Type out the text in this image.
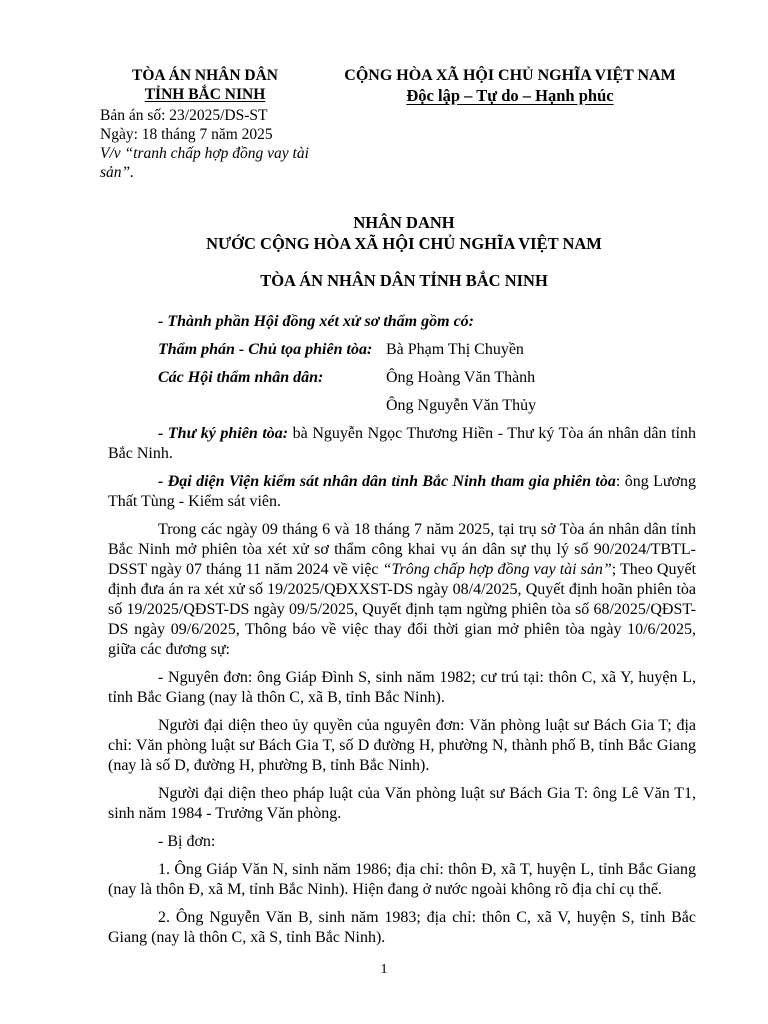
TÒA ÁN NHÂN DÂN
TỈNH BẮC NINH
Bản án số: 23/2025/DS-ST
Ngày: 18 tháng 7 năm 2025
V/v “tranh chấp hợp đồng vay tài sản”.
CỘNG HÒA XÃ HỘI CHỦ NGHĨA VIỆT NAM
Độc lập – Tự do – Hạnh phúc
NHÂN DANH
NƯỚC CỘNG HÒA XÃ HỘI CHỦ NGHĨA VIỆT NAM
TÒA ÁN NHÂN DÂN TỈNH BẮC NINH

- Thành phần Hội đồng xét xử sơ thẩm gồm có:

Thẩm phán - Chủ tọa phiên tòa: Bà Phạm Thị Chuyền
Các Hội thẩm nhân dân:	Ông Hoàng Văn Thành
Ông Nguyễn Văn Thủy

- Thư ký phiên tòa: bà Nguyễn Ngọc Thương Hiền - Thư ký Tòa án nhân dân tỉnh Bắc Ninh.

- Đại diện Viện kiểm sát nhân dân tỉnh Bắc Ninh tham gia phiên tòa: ông Lương Thất Tùng - Kiểm sát viên.

Trong các ngày 09 tháng 6 và 18 tháng 7 năm 2025, tại trụ sở Tòa án nhân dân tỉnh Bắc Ninh mở phiên tòa xét xử sơ thẩm công khai vụ án dân sự thụ lý số 90/2024/TBTL-DSST ngày 07 tháng 11 năm 2024 về việc “Trông chấp hợp đồng vay tài sản”; Theo Quyết định đưa án ra xét xử số 19/2025/QĐXXST-DS ngày 08/4/2025, Quyết định hoãn phiên tòa số 19/2025/QĐST-DS ngày 09/5/2025, Quyết định tạm ngừng phiên tòa số 68/2025/QĐST-DS ngày 09/6/2025, Thông báo về việc thay đổi thời gian mở phiên tòa ngày 10/6/2025, giữa các đương sự:

- Nguyên đơn: ông Giáp Đình S, sinh năm 1982; cư trú tại: thôn C, xã Y, huyện L, tỉnh Bắc Giang (nay là thôn C, xã B, tỉnh Bắc Ninh).

Người đại diện theo ủy quyền của nguyên đơn: Văn phòng luật sư Bách Gia T; địa chỉ: Văn phòng luật sư Bách Gia T, số D đường H, phường N, thành phố B, tỉnh Bắc Giang (nay là số D, đường H, phường B, tỉnh Bắc Ninh).

Người đại diện theo pháp luật của Văn phòng luật sư Bách Gia T: ông Lê Văn T1, sinh năm 1984 - Trưởng Văn phòng.

- Bị đơn:

1. Ông Giáp Văn N, sinh năm 1986; địa chỉ: thôn Đ, xã T, huyện L, tỉnh Bắc Giang (nay là thôn Đ, xã M, tỉnh Bắc Ninh). Hiện đang ở nước ngoài không rõ địa chỉ cụ thể.

2. Ông Nguyễn Văn B, sinh năm 1983; địa chỉ: thôn C, xã V, huyện S, tỉnh Bắc Giang (nay là thôn C, xã S, tỉnh Bắc Ninh).

1
